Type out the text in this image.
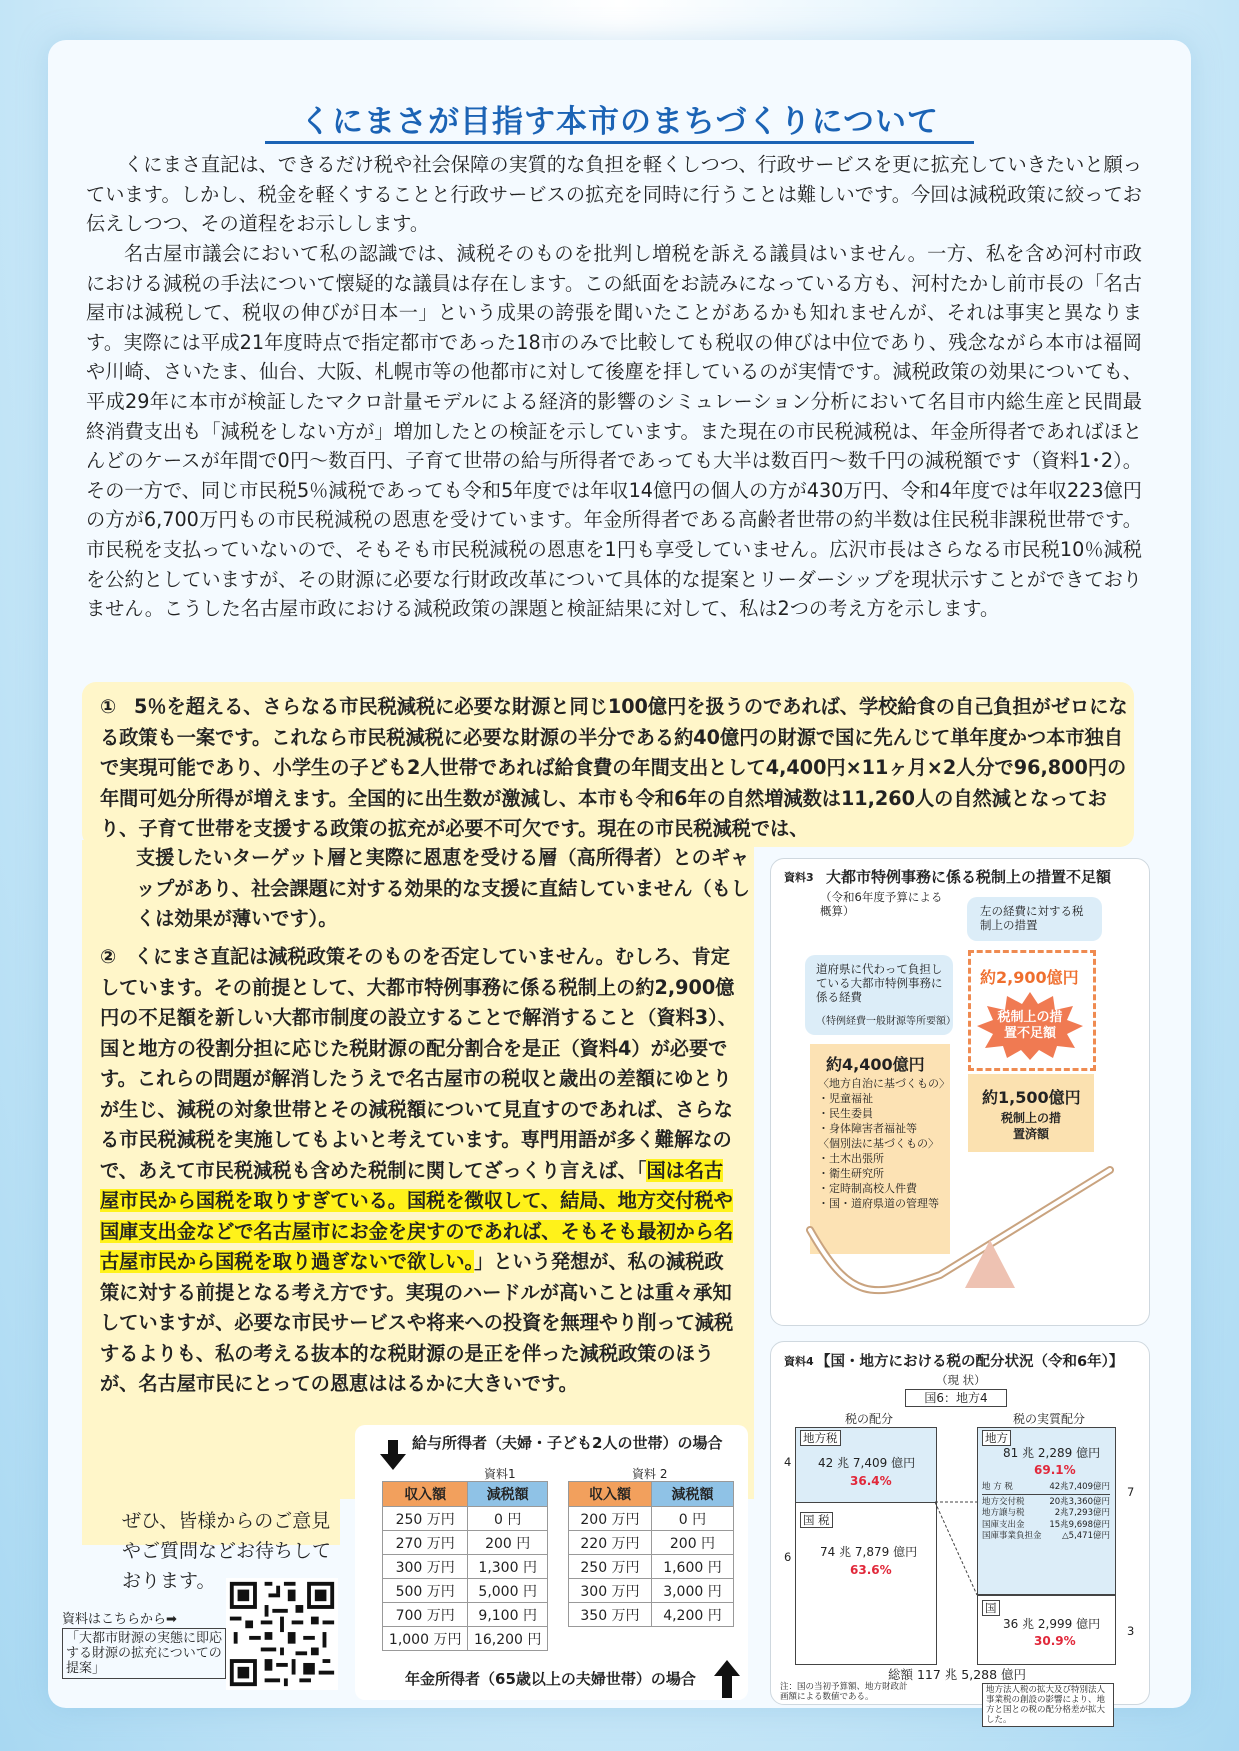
くにまさが目指す本市のまちづくりについて
くにまさ直記は、できるだけ税や社会保障の実質的な負担を軽くしつつ、行政サービスを更に拡充していきたいと願っています。しかし、税金を軽くすることと行政サービスの拡充を同時に行うことは難しいです。今回は減税政策に絞ってお伝えしつつ、その道程をお示しします。
名古屋市議会において私の認識では、減税そのものを批判し増税を訴える議員はいません。一方、私を含め河村市政における減税の手法について懐疑的な議員は存在します。この紙面をお読みになっている方も、河村たかし前市長の「名古屋市は減税して、税収の伸びが日本一」という成果の誇張を聞いたことがあるかも知れませんが、それは事実と異なります。実際には平成21年度時点で指定都市であった18市のみで比較しても税収の伸びは中位であり、残念ながら本市は福岡や川崎、さいたま、仙台、大阪、札幌市等の他都市に対して後塵を拝しているのが実情です。減税政策の効果についても、平成29年に本市が検証したマクロ計量モデルによる経済的影響のシミュレーション分析において名目市内総生産と民間最終消費支出も「減税をしない方が」増加したとの検証を示しています。また現在の市民税減税は、年金所得者であればほとんどのケースが年間で0円～数百円、子育て世帯の給与所得者であっても大半は数百円～数千円の減税額です（資料1･2）。その一方で、同じ市民税5％減税であっても令和5年度では年収14億円の個人の方が430万円、令和4年度では年収223億円の方が6,700万円もの市民税減税の恩恵を受けています。年金所得者である高齢者世帯の約半数は住民税非課税世帯です。市民税を支払っていないので、そもそも市民税減税の恩恵を1円も享受していません。広沢市長はさらなる市民税10％減税を公約としていますが、その財源に必要な行財政改革について具体的な提案とリーダーシップを現状示すことができておりません。こうした名古屋市政における減税政策の課題と検証結果に対して、私は2つの考え方を示します。
① 5％を超える、さらなる市民税減税に必要な財源と同じ100億円を扱うのであれば、学校給食の自己負担がゼロになる政策も一案です。これなら市民税減税に必要な財源の半分である約40億円の財源で国に先んじて単年度かつ本市独自で実現可能であり、小学生の子ども2人世帯であれば給食費の年間支出として4,400円×11ヶ月×2人分で96,800円の年間可処分所得が増えます。全国的に出生数が激減し、本市も令和6年の自然増減数は11,260人の自然減となっており、子育て世帯を支援する政策の拡充が必要不可欠です。現在の市民税減税では、
支援したいターゲット層と実際に恩恵を受ける層（高所得者）とのギャップがあり、社会課題に対する効果的な支援に直結していません（もしくは効果が薄いです）。
② くにまさ直記は減税政策そのものを否定していません。むしろ、肯定しています。その前提として、大都市特例事務に係る税制上の約2,900億円の不足額を新しい大都市制度の設立することで解消すること（資料3）、国と地方の役割分担に応じた税財源の配分割合を是正（資料4）が必要です。これらの問題が解消したうえで名古屋市の税収と歳出の差額にゆとりが生じ、減税の対象世帯とその減税額について見直すのであれば、さらなる市民税減税を実施してもよいと考えています。専門用語が多く難解なので、あえて市民税減税も含めた税制に関してざっくり言えば、「国は名古屋市民から国税を取りすぎている。国税を徴収して、結局、地方交付税や国庫支出金などで名古屋市にお金を戻すのであれば、そもそも最初から名古屋市民から国税を取り過ぎないで欲しい。」という発想が、私の減税政策に対する前提となる考え方です。実現のハードルが高いことは重々承知していますが、必要な市民サービスや将来への投資を無理やり削って減税するよりも、私の考える抜本的な税財源の是正を伴った減税政策のほうが、名古屋市民にとっての恩恵ははるかに大きいです。
ぜひ、皆様からのご意見やご質問などお待ちしております。
資料はこちらから➡
「大都市財源の実態に即応する財源の拡充についての提案」
給与所得者（夫婦・子ども2人の世帯）の場合
資料1	資料 2
収入額	減税額
250 万円	0 円
270 万円	200 円
300 万円	1,300 円
500 万円	5,000 円
700 万円	9,100 円
1,000 万円	16,200 円
収入額	減税額
200 万円	0 円
220 万円	200 円
250 万円	1,600 円
300 万円	3,000 円
350 万円	4,200 円
年金所得者（65歳以上の夫婦世帯）の場合
資料3 大都市特例事務に係る税制上の措置不足額
（令和6年度予算による概算）	左の経費に対する税制上の措置
道府県に代わって負担している大都市特例事務に係る経費
（特例経費一般財源等所要額）
約2,900億円
税制上の措置不足額
約4,400億円
〈地方自治に基づくもの〉
・児童福祉
・民生委員
・身体障害者福祉等
〈個別法に基づくもの〉
・土木出張所
・衛生研究所
・定時制高校人件費
・国・道府県道の管理等
約1,500億円
税制上の措置済額
資料4 【国・地方における税の配分状況（令和6年）】
（現 状）
国6：地方4
税の配分	税の実質配分
地方税
42 兆 7,409 億円
36.4%
国 税
74 兆 7,879 億円
63.6%
4
6
地方
81 兆 2,289 億円
69.1%
地 方 税	42兆7,409億円
地方交付税	20兆3,360億円
地方譲与税	2兆7,293億円
国庫支出金	15兆9,698億円
国庫事業負担金 △5,471億円
国
36 兆 2,999 億円
30.9%
7
3
総額 117 兆 5,288 億円
注：国の当初予算額、地方財政計画額による数値である。
地方法人税の拡大及び特別法人事業税の創設の影響により、地方と国との税の配分格差が拡大した。
